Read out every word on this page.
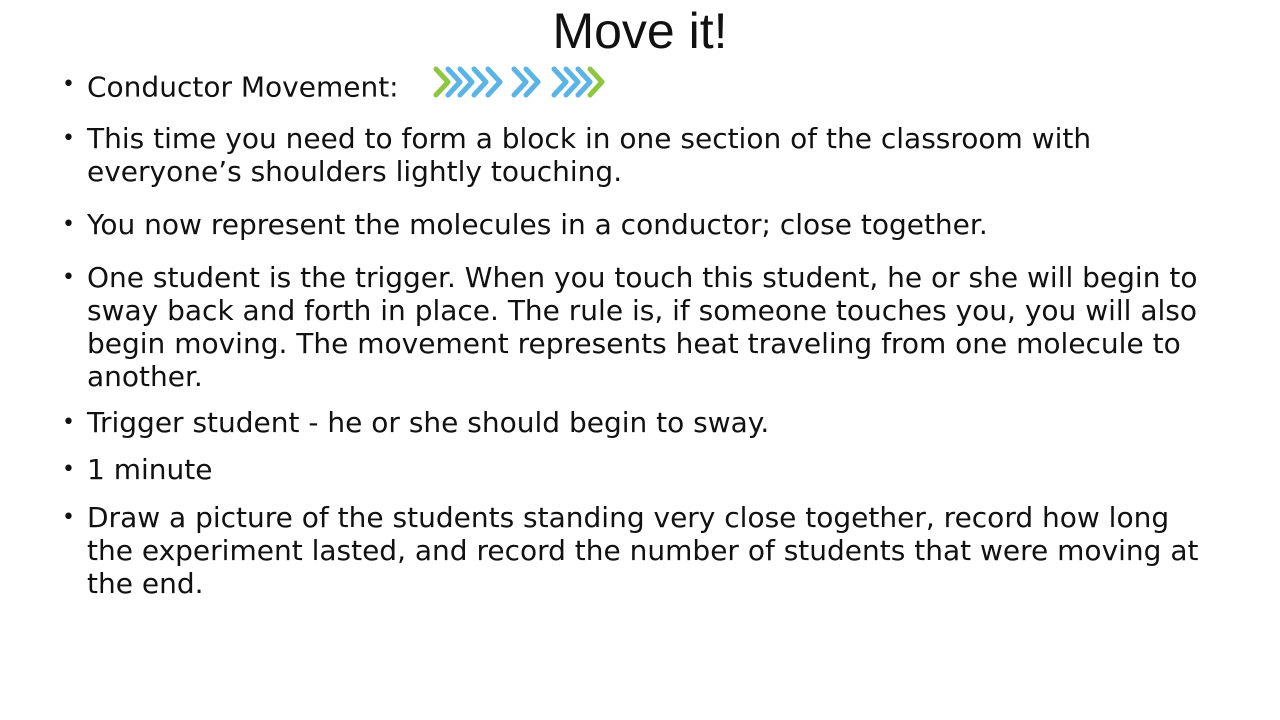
Move it!
• Conductor Movement:
• This time you need to form a block in one section of the classroom with everyone’s shoulders lightly touching.
• You now represent the molecules in a conductor; close together.
• One student is the trigger. When you touch this student, he or she will begin to sway back and forth in place. The rule is, if someone touches you, you will also begin moving. The movement represents heat traveling from one molecule to another.
• Trigger student - he or she should begin to sway.
• 1 minute
• Draw a picture of the students standing very close together, record how long the experiment lasted, and record the number of students that were moving at the end.
